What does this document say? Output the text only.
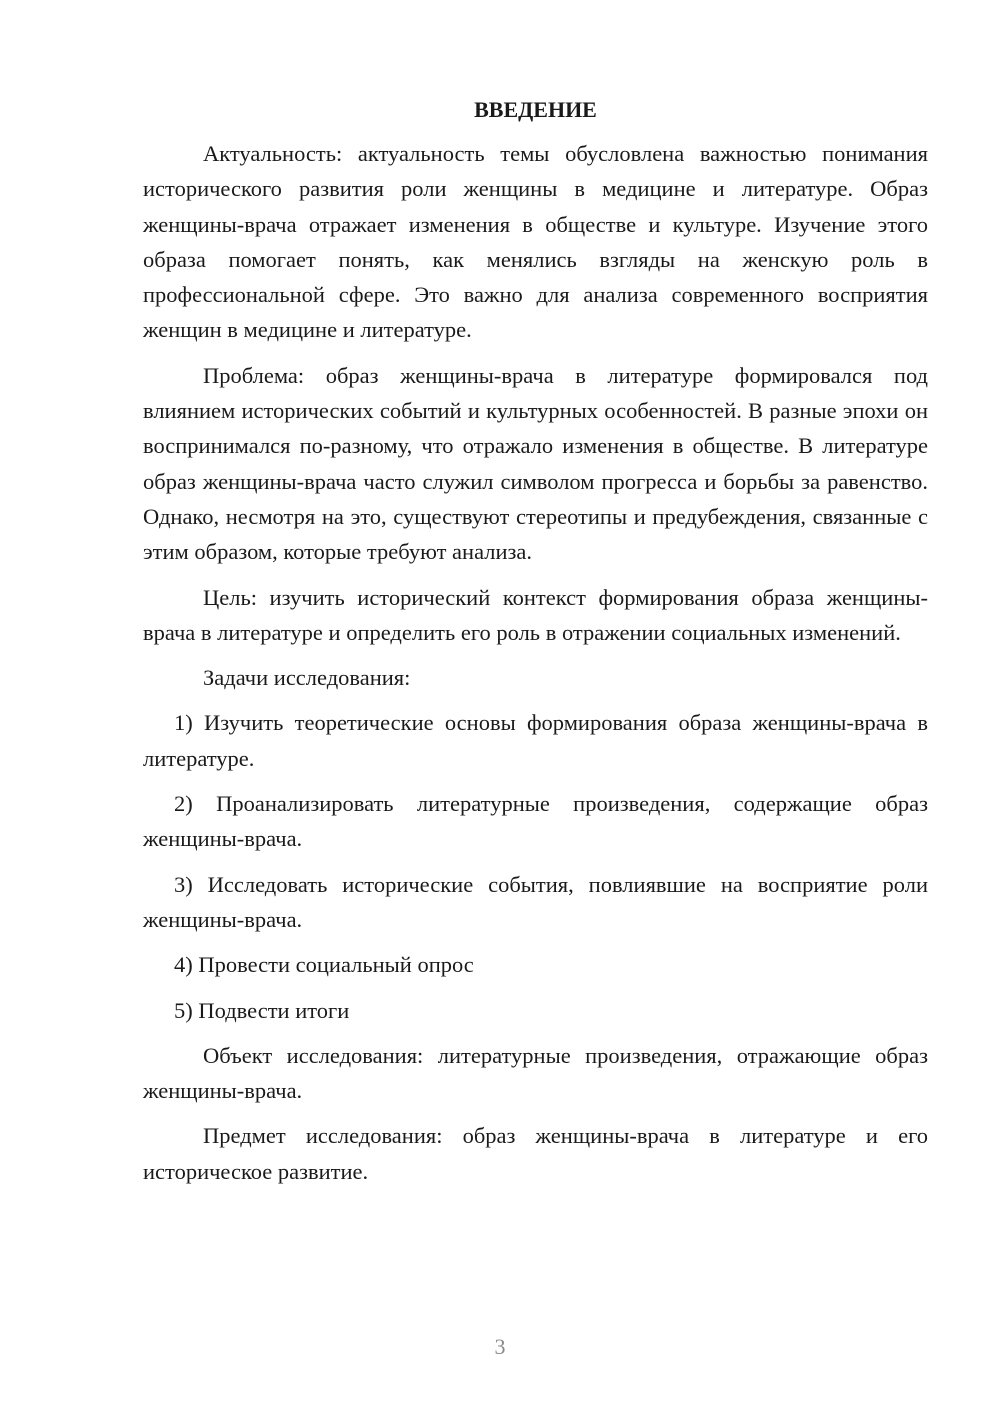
ВВЕДЕНИЕ

Актуальность: актуальность темы обусловлена важностью понимания исторического развития роли женщины в медицине и литературе. Образ женщины-врача отражает изменения в обществе и культуре. Изучение этого образа помогает понять, как менялись взгляды на женскую роль в профессиональной сфере. Это важно для анализа современного восприятия женщин в медицине и литературе.

Проблема: образ женщины-врача в литературе формировался под влиянием исторических событий и культурных особенностей. В разные эпохи он воспринимался по-разному, что отражало изменения в обществе. В литературе образ женщины-врача часто служил символом прогресса и борьбы за равенство. Однако, несмотря на это, существуют стереотипы и предубеждения, связанные с этим образом, которые требуют анализа.

Цель: изучить исторический контекст формирования образа женщины-врача в литературе и определить его роль в отражении социальных изменений.

Задачи исследования:

1) Изучить теоретические основы формирования образа женщины-врача в литературе.

2) Проанализировать литературные произведения, содержащие образ женщины-врача.

3) Исследовать исторические события, повлиявшие на восприятие роли женщины-врача.

4) Провести социальный опрос

5) Подвести итоги

Объект исследования: литературные произведения, отражающие образ женщины-врача.

Предмет исследования: образ женщины-врача в литературе и его историческое развитие.

3
